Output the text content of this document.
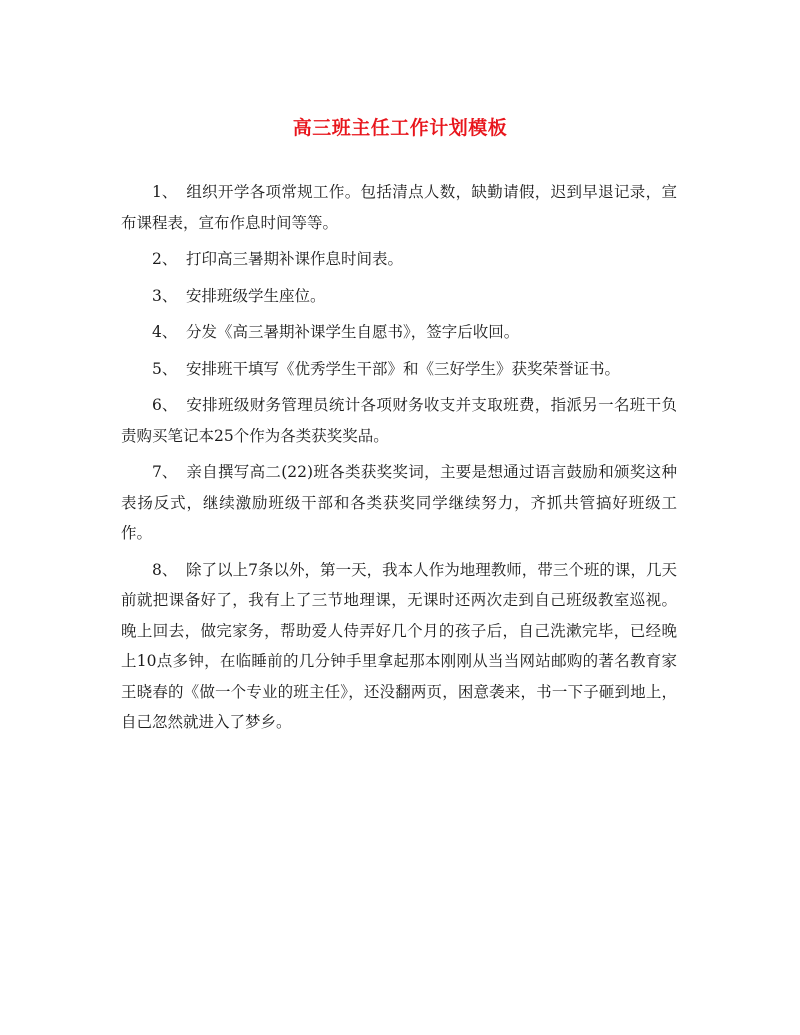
高三班主任工作计划模板

1、 组织开学各项常规工作。包括清点人数，缺勤请假，迟到早退记录，宣布课程表，宣布作息时间等等。

2、 打印高三暑期补课作息时间表。

3、 安排班级学生座位。

4、 分发《高三暑期补课学生自愿书》，签字后收回。

5、 安排班干填写《优秀学生干部》和《三好学生》获奖荣誉证书。

6、 安排班级财务管理员统计各项财务收支并支取班费，指派另一名班干负责购买笔记本25个作为各类获奖奖品。

7、 亲自撰写高二(22)班各类获奖奖词，主要是想通过语言鼓励和颁奖这种表扬反式，继续激励班级干部和各类获奖同学继续努力，齐抓共管搞好班级工作。

8、 除了以上7条以外，第一天，我本人作为地理教师，带三个班的课，几天前就把课备好了，我有上了三节地理课，无课时还两次走到自己班级教室巡视。晚上回去，做完家务，帮助爱人侍弄好几个月的孩子后，自己洗漱完毕，已经晚上10点多钟，在临睡前的几分钟手里拿起那本刚刚从当当网站邮购的著名教育家王晓春的《做一个专业的班主任》，还没翻两页，困意袭来，书一下子砸到地上，自己忽然就进入了梦乡。
